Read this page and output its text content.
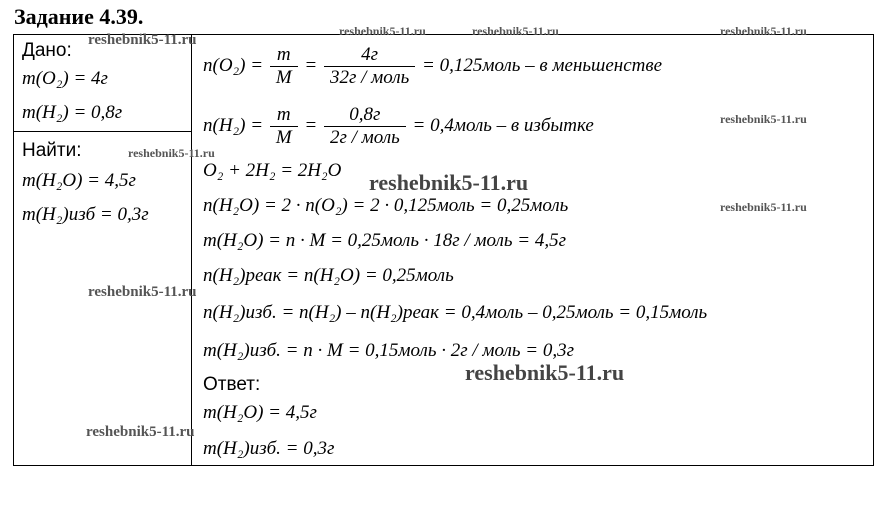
Задание 4.39.
Дано:
m(O₂) = 4г
m(H₂) = 0,8г
Найти:
m(H₂O) = 4,5г
m(H₂)изб = 0,3г
$n(O_2) = \frac{m}{M} = \frac{4г}{\text{32г / моль}}$ = 0,125моль – в меньшенстве
$n(H_2) = \frac{m}{M} = \frac{0,8г}{\text{2г / моль}}$ = 0,4моль – в избытке
O₂ + 2H₂ = 2H₂O
n(H₂O) = 2 · n(O₂) = 2 · 0,125моль = 0,25моль
m(H₂O) = n · M = 0,25моль · 18г / моль = 4,5г
n(H₂)реак = n(H₂O) = 0,25моль
n(H₂)изб. = n(H₂) – n(H₂)реак = 0,4моль – 0,25моль = 0,15моль
m(H₂)изб. = n · M = 0,15моль · 2г / моль = 0,3г
Ответ:
m(H₂O) = 4,5г
m(H₂)изб. = 0,3г
reshebnik5-11.ru
reshebnik5-11.ru	reshebnik5-11.ru	reshebnik5-11.ru
reshebnik5-11.ru
reshebnik5-11.ru
reshebnik5-11.ru
reshebnik5-11.ru
reshebnik5-11.ru
reshebnik5-11.ru
reshebnik5-11.ru
